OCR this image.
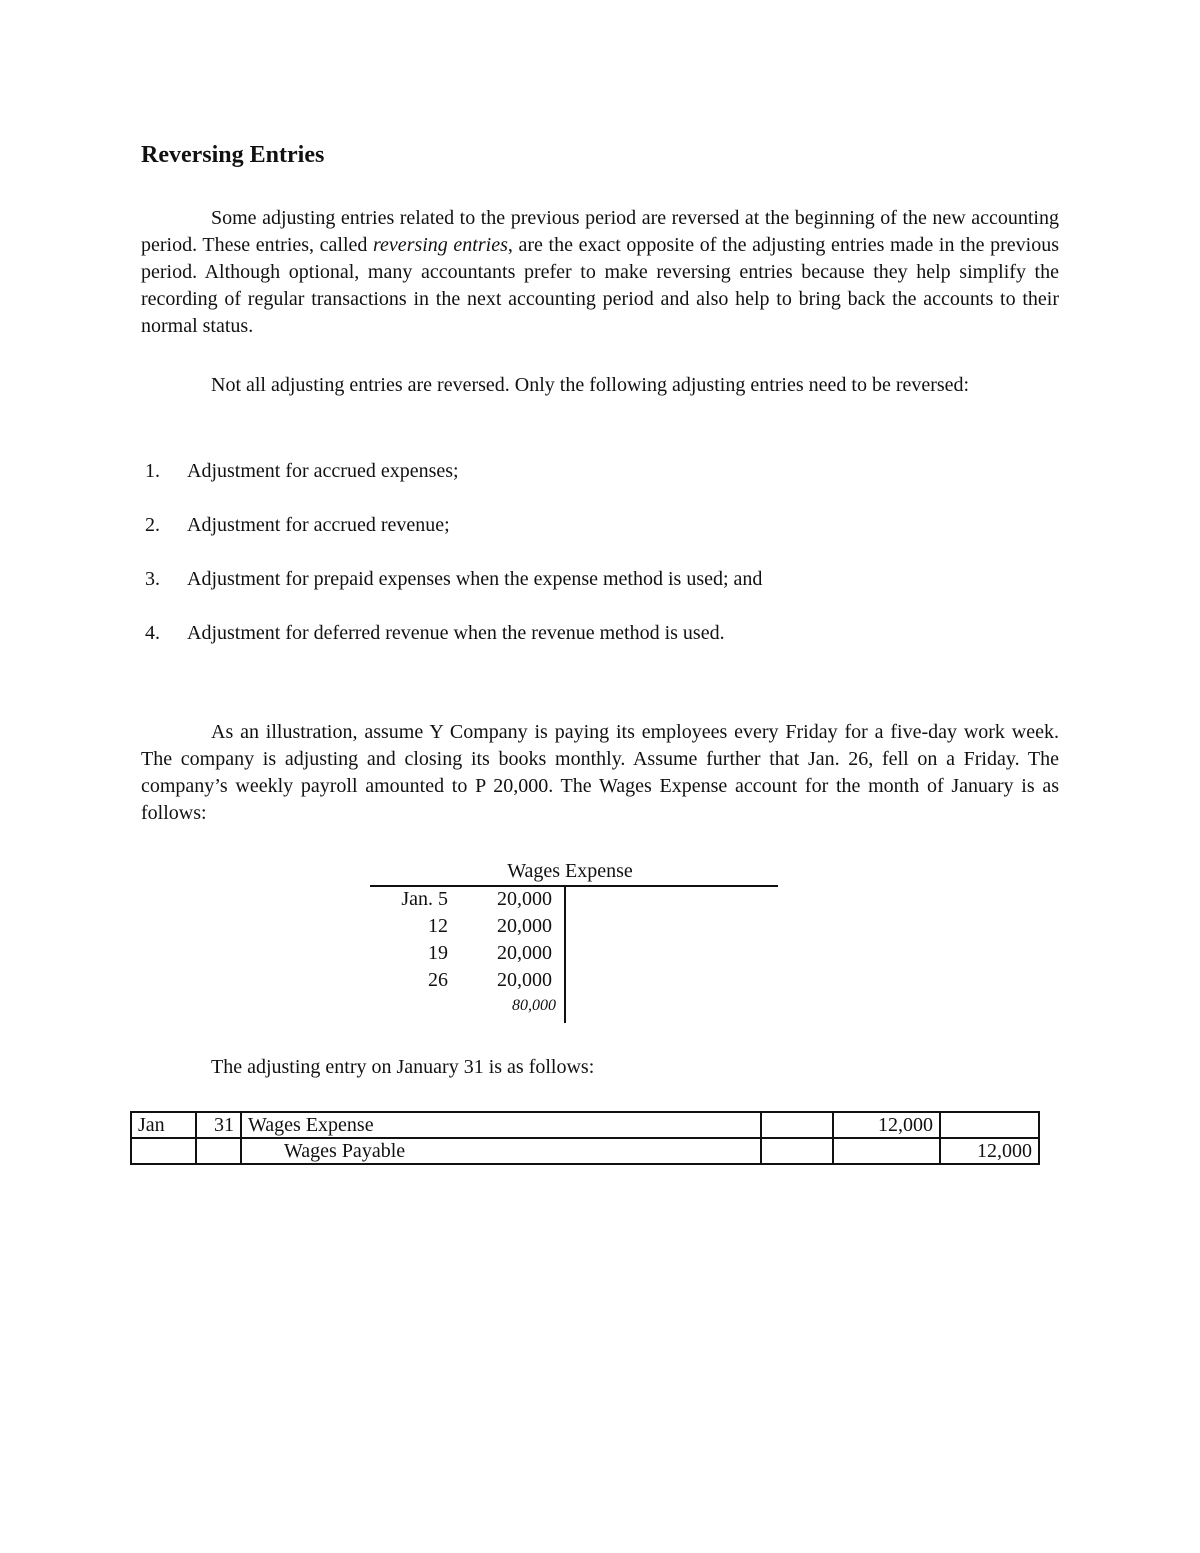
Reversing Entries

Some adjusting entries related to the previous period are reversed at the beginning of the new accounting period. These entries, called reversing entries, are the exact opposite of the adjusting entries made in the previous period. Although optional, many accountants prefer to make reversing entries because they help simplify the recording of regular transactions in the next accounting period and also help to bring back the accounts to their normal status.

Not all adjusting entries are reversed. Only the following adjusting entries need to be reversed:

1. Adjustment for accrued expenses;
2. Adjustment for accrued revenue;
3. Adjustment for prepaid expenses when the expense method is used; and
4. Adjustment for deferred revenue when the revenue method is used.

As an illustration, assume Y Company is paying its employees every Friday for a five-day work week. The company is adjusting and closing its books monthly. Assume further that Jan. 26, fell on a Friday. The company’s weekly payroll amounted to P 20,000. The Wages Expense account for the month of January is as follows:

Wages Expense
Jan. 5 20,000
12 20,000
19 20,000
26 20,000
80,000

The adjusting entry on January 31 is as follows:

Jan	31	Wages Expense		12,000	
		Wages Payable			12,000
